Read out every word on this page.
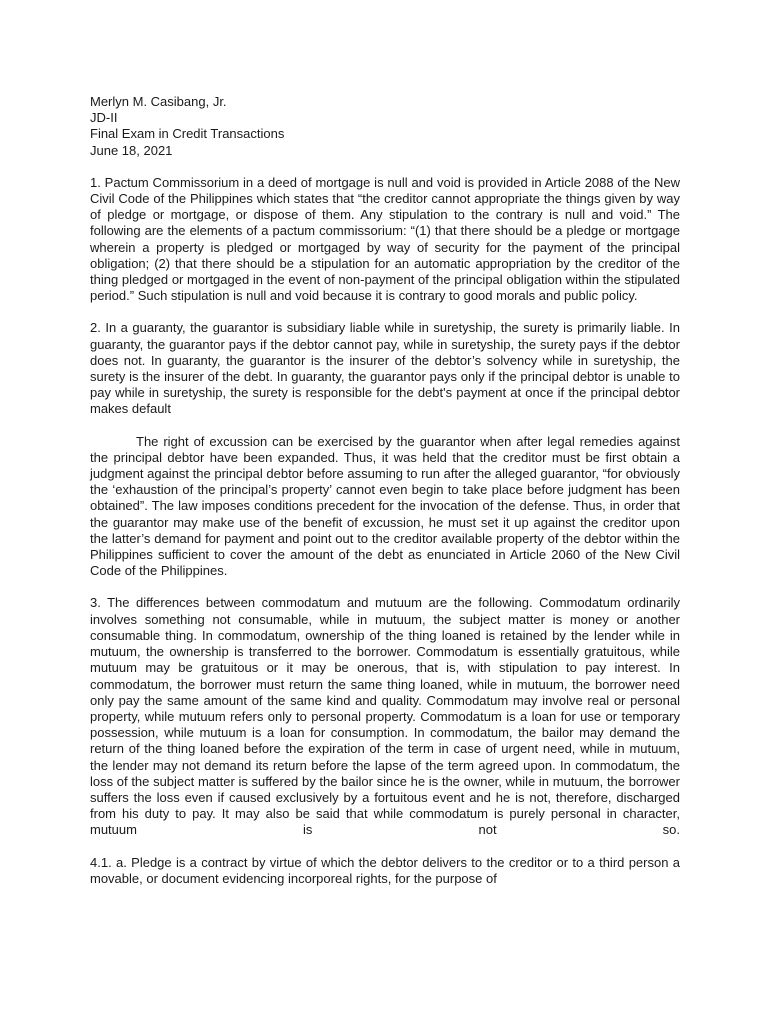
Merlyn M. Casibang, Jr.

JD-II

Final Exam in Credit Transactions

June 18, 2021

1. Pactum Commissorium in a deed of mortgage is null and void is provided in Article 2088 of the New Civil Code of the Philippines which states that “the creditor cannot appropriate the things given by way of pledge or mortgage, or dispose of them. Any stipulation to the contrary is null and void.” The following are the elements of a pactum commissorium: “(1) that there should be a pledge or mortgage wherein a property is pledged or mortgaged by way of security for the payment of the principal obligation; (2) that there should be a stipulation for an automatic appropriation by the creditor of the thing pledged or mortgaged in the event of non-payment of the principal obligation within the stipulated period.” Such stipulation is null and void because it is contrary to good morals and public policy.

2. In a guaranty, the guarantor is subsidiary liable while in suretyship, the surety is primarily liable. In guaranty, the guarantor pays if the debtor cannot pay, while in suretyship, the surety pays if the debtor does not. In guaranty, the guarantor is the insurer of the debtor’s solvency while in suretyship, the surety is the insurer of the debt. In guaranty, the guarantor pays only if the principal debtor is unable to pay while in suretyship, the surety is responsible for the debt's payment at once if the principal debtor makes default

The right of excussion can be exercised by the guarantor when after legal remedies against the principal debtor have been expanded. Thus, it was held that the creditor must be first obtain a judgment against the principal debtor before assuming to run after the alleged guarantor, “for obviously the ‘exhaustion of the principal’s property’ cannot even begin to take place before judgment has been obtained”. The law imposes conditions precedent for the invocation of the defense. Thus, in order that the guarantor may make use of the benefit of excussion, he must set it up against the creditor upon the latter’s demand for payment and point out to the creditor available property of the debtor within the Philippines sufficient to cover the amount of the debt as enunciated in Article 2060 of the New Civil Code of the Philippines.

3. The differences between commodatum and mutuum are the following. Commodatum ordinarily involves something not consumable, while in mutuum, the subject matter is money or another consumable thing. In commodatum, ownership of the thing loaned is retained by the lender while in mutuum, the ownership is transferred to the borrower. Commodatum is essentially gratuitous, while mutuum may be gratuitous or it may be onerous, that is, with stipulation to pay interest. In commodatum, the borrower must return the same thing loaned, while in mutuum, the borrower need only pay the same amount of the same kind and quality. Commodatum may involve real or personal property, while mutuum refers only to personal property. Commodatum is a loan for use or temporary possession, while mutuum is a loan for consumption. In commodatum, the bailor may demand the return of the thing loaned before the expiration of the term in case of urgent need, while in mutuum, the lender may not demand its return before the lapse of the term agreed upon. In commodatum, the loss of the subject matter is suffered by the bailor since he is the owner, while in mutuum, the borrower suffers the loss even if caused exclusively by a fortuitous event and he is not, therefore, discharged from his duty to pay. It may also be said that while commodatum is purely personal in character, mutuum is not so.

4.1. a. Pledge is a contract by virtue of which the debtor delivers to the creditor or to a third person a movable, or document evidencing incorporeal rights, for the purpose of
